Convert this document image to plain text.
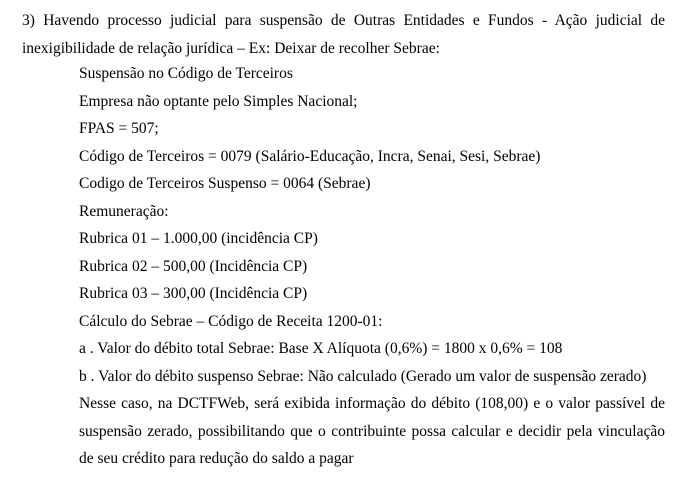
3) Havendo processo judicial para suspensão de Outras Entidades e Fundos - Ação judicial de inexigibilidade de relação jurídica – Ex: Deixar de recolher Sebrae:

Suspensão no Código de Terceiros
Empresa não optante pelo Simples Nacional;
FPAS = 507;
Código de Terceiros = 0079 (Salário-Educação, Incra, Senai, Sesi, Sebrae)
Codigo de Terceiros Suspenso = 0064 (Sebrae)
Remuneração:
Rubrica 01 – 1.000,00 (incidência CP)
Rubrica 02 – 500,00 (Incidência CP)
Rubrica 03 – 300,00 (Incidência CP)
Cálculo do Sebrae – Código de Receita 1200-01:
a . Valor do débito total Sebrae: Base X Alíquota (0,6%) = 1800 x 0,6% = 108
b . Valor do débito suspenso Sebrae: Não calculado (Gerado um valor de suspensão zerado)
Nesse caso, na DCTFWeb, será exibida informação do débito (108,00) e o valor passível de suspensão zerado, possibilitando que o contribuinte possa calcular e decidir pela vinculação de seu crédito para redução do saldo a pagar
